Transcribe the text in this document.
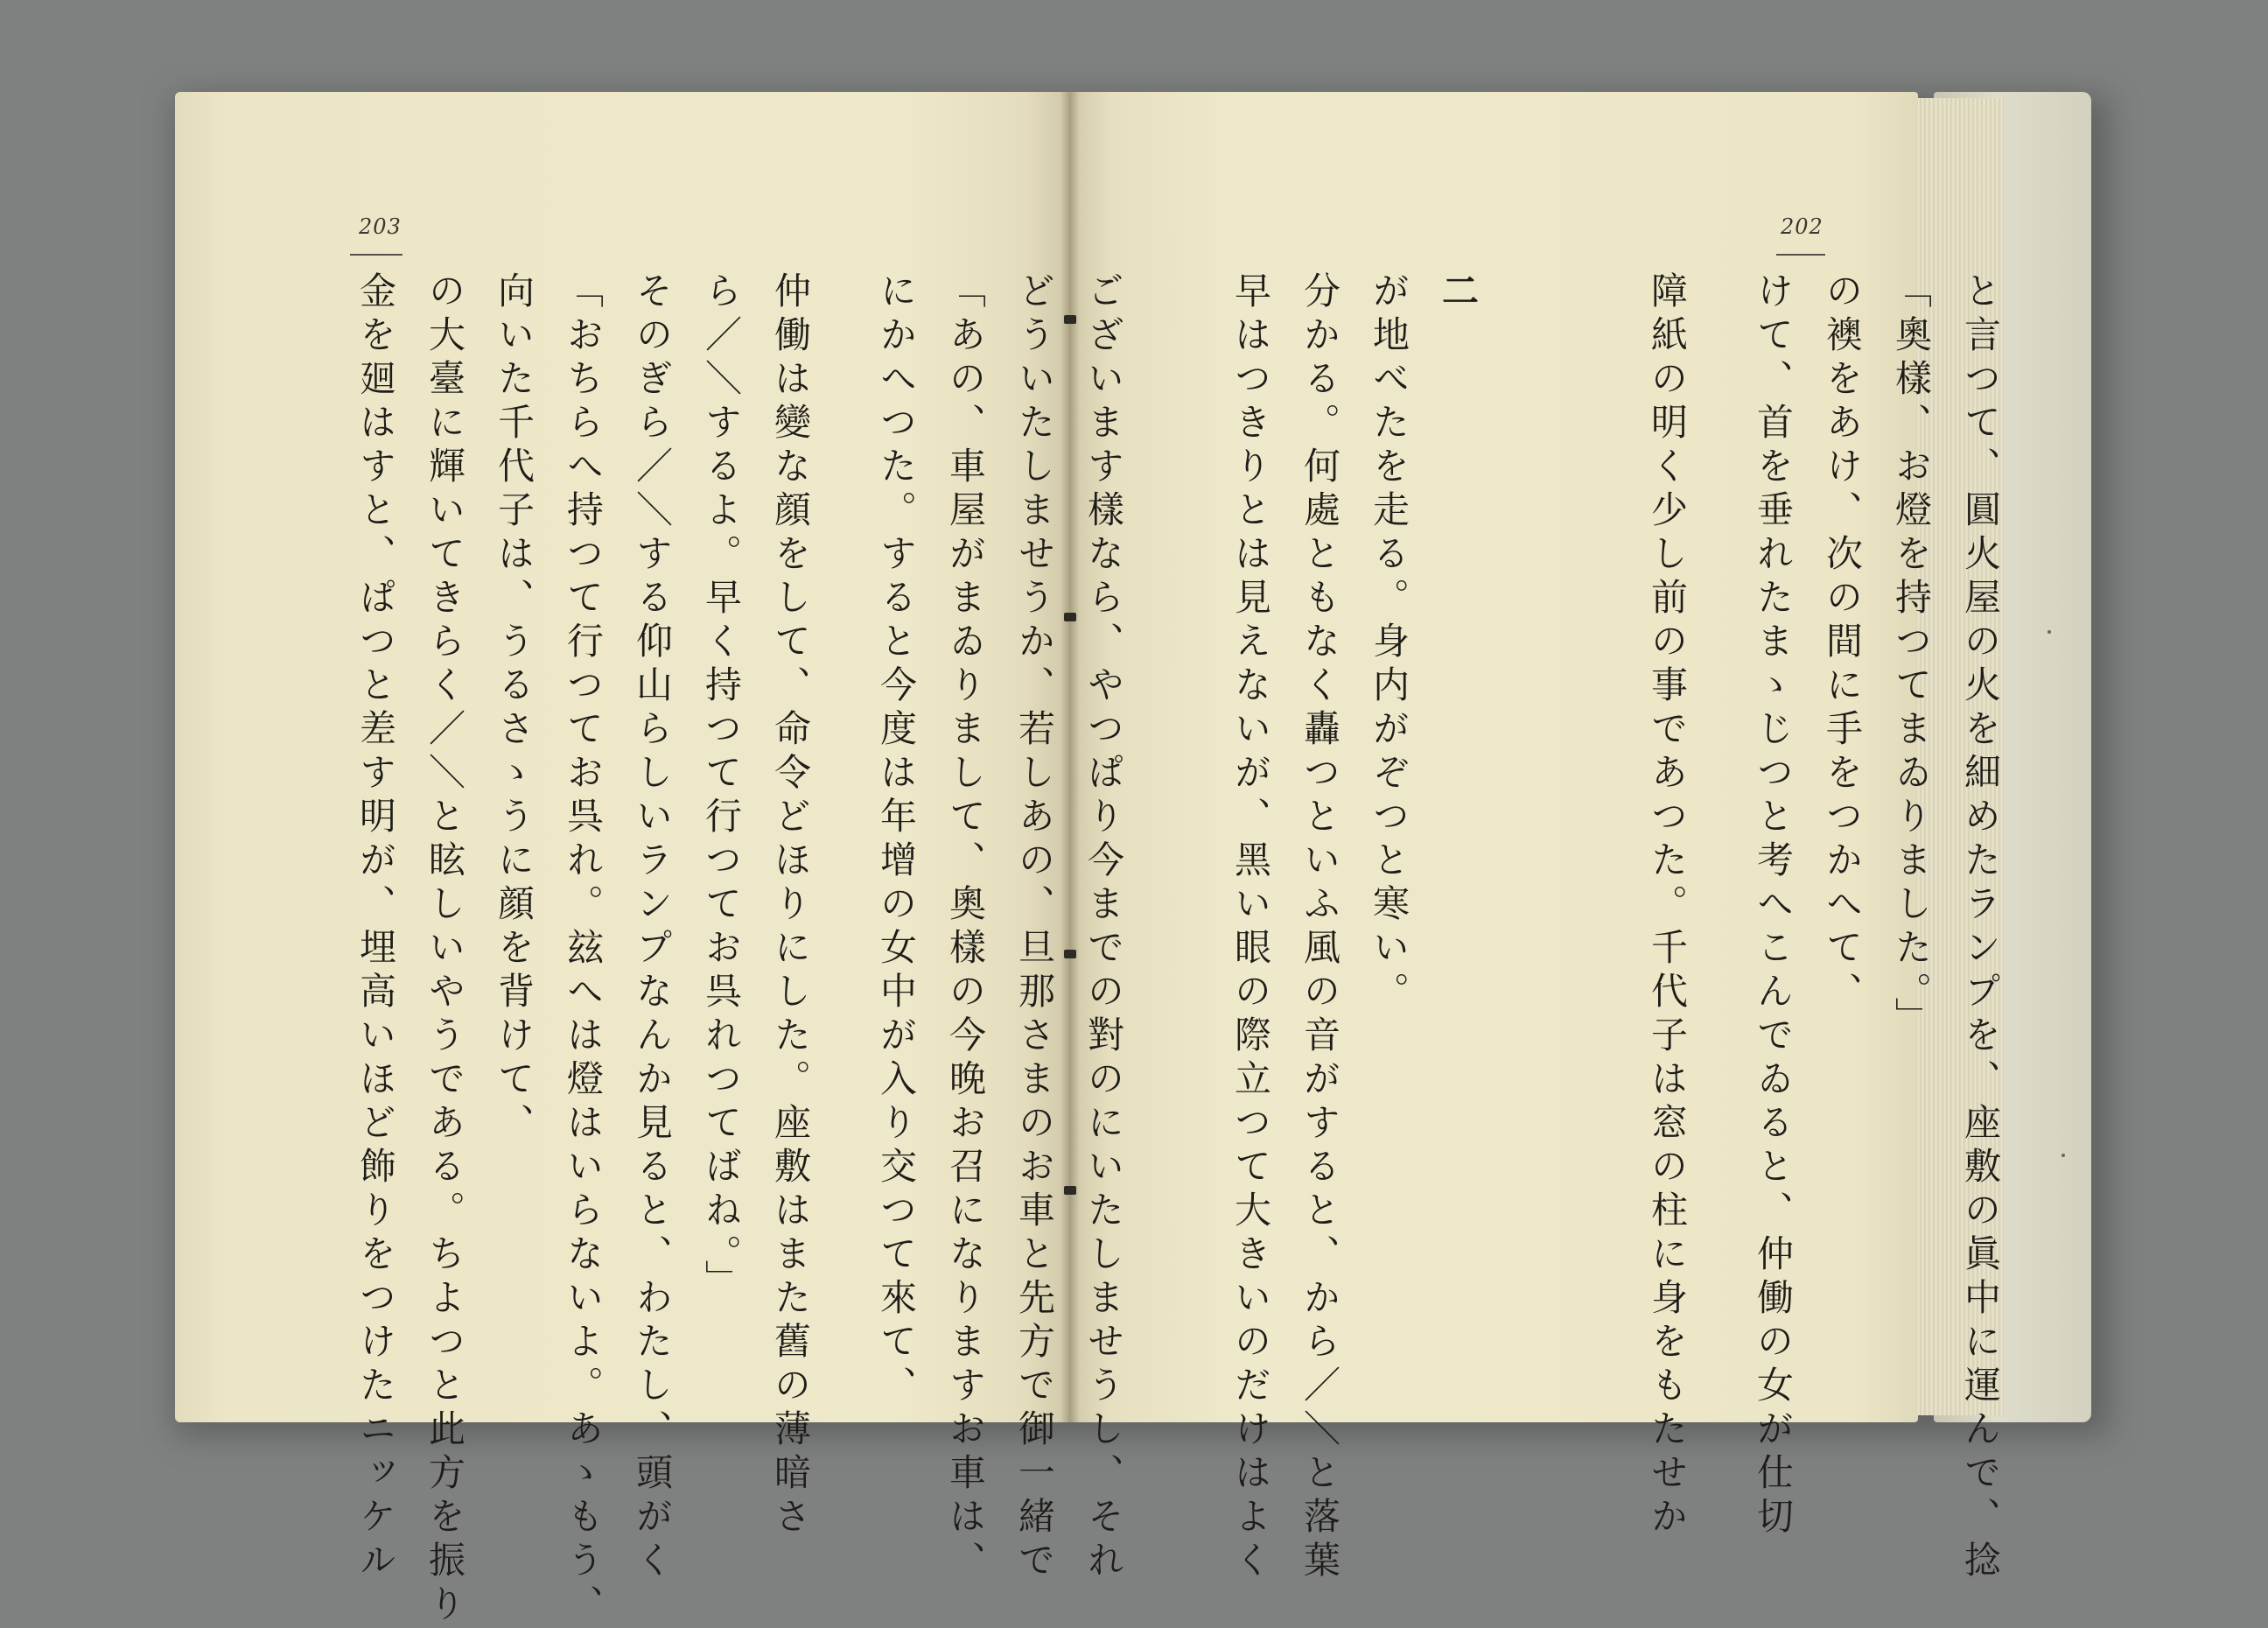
203	202

ございます樣なら、やつぱり今までの對のにいたしませうし、それ

どういたしませうか、若しあの、旦那さまのお車と先方で御一緒で

「あの、車屋がまゐりまして、奧樣の今晚お召になりますお車は、

にかへつた。すると今度は年增の女中が入り交つて來て、

仲働は變な顔をして、命令どほりにした。座敷はまた舊の薄暗さ

ら／＼するよ。早く持つて行つてお呉れつてばね。」

そのぎら／＼する仰山らしいランプなんか見ると、わたし、頭がく

「おちらへ持つて行つてお呉れ。玆へは燈はいらないよ。あゝもう、

向いた千代子は、うるさゝうに顔を背けて、

の大臺に輝いてきらく／＼と眩しいやうである。ちよつと此方を振り

金を廻はすと、ぱつと差す明が、埋高いほど飾りをつけたニッケル	と言つて、圓火屋の火を細めたランプを、座敷の眞中に運んで、捻

「奧樣、お燈を持つてまゐりました。」

の襖をあけ、次の間に手をつかへて、

けて、首を垂れたまゝじつと考へこんでゐると、仲働の女が仕切

障紙の明く少し前の事であつた。千代子は窓の柱に身をもたせか

二

が地べたを走る。身内がぞつと寒い。

分かる。何處ともなく轟つといふ風の音がすると、から／＼と落葉

早はつきりとは見えないが、黑い眼の際立つて大きいのだけはよく
